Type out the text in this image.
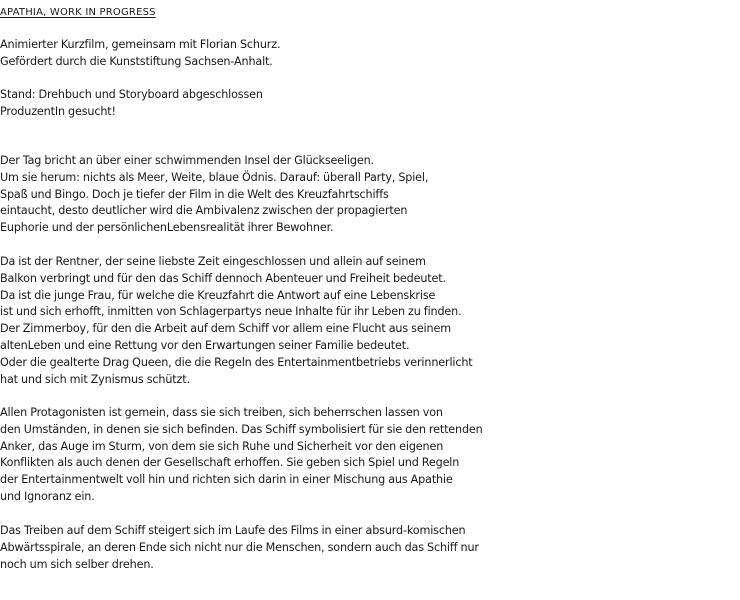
APATHIA, WORK IN PROGRESS

Animierter Kurzfilm, gemeinsam mit Florian Schurz.
Gefördert durch die Kunststiftung Sachsen-Anhalt.

Stand: Drehbuch und Storyboard abgeschlossen
ProduzentIn gesucht!

Der Tag bricht an über einer schwimmenden Insel der Glückseeligen.
Um sie herum: nichts als Meer, Weite, blaue Ödnis. Darauf: überall Party, Spiel,
Spaß und Bingo. Doch je tiefer der Film in die Welt des Kreuzfahrtschiffs
eintaucht, desto deutlicher wird die Ambivalenz zwischen der propagierten
Euphorie und der persönlichenLebensrealität ihrer Bewohner.

Da ist der Rentner, der seine liebste Zeit eingeschlossen und allein auf seinem
Balkon verbringt und für den das Schiff dennoch Abenteuer und Freiheit bedeutet.
Da ist die junge Frau, für welche die Kreuzfahrt die Antwort auf eine Lebenskrise
ist und sich erhofft, inmitten von Schlagerpartys neue Inhalte für ihr Leben zu finden.
Der Zimmerboy, für den die Arbeit auf dem Schiff vor allem eine Flucht aus seinem
altenLeben und eine Rettung vor den Erwartungen seiner Familie bedeutet.
Oder die gealterte Drag Queen, die die Regeln des Entertainmentbetriebs verinnerlicht
hat und sich mit Zynismus schützt.

Allen Protagonisten ist gemein, dass sie sich treiben, sich beherrschen lassen von
den Umständen, in denen sie sich befinden. Das Schiff symbolisiert für sie den rettenden
Anker, das Auge im Sturm, von dem sie sich Ruhe und Sicherheit vor den eigenen
Konflikten als auch denen der Gesellschaft erhoffen. Sie geben sich Spiel und Regeln
der Entertainmentwelt voll hin und richten sich darin in einer Mischung aus Apathie
und Ignoranz ein.

Das Treiben auf dem Schiff steigert sich im Laufe des Films in einer absurd-komischen
Abwärtsspirale, an deren Ende sich nicht nur die Menschen, sondern auch das Schiff nur
noch um sich selber drehen.
